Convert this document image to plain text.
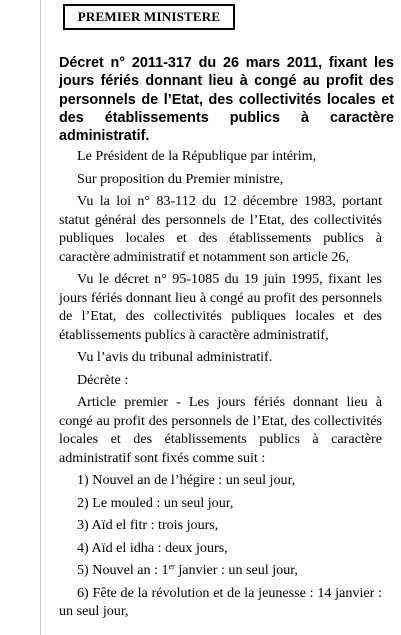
PREMIER MINISTERE

Décret n° 2011-317 du 26 mars 2011, fixant les jours fériés donnant lieu à congé au profit des personnels de l’Etat, des collectivités locales et des établissements publics à caractère administratif.

Le Président de la République par intérim,

Sur proposition du Premier ministre,

Vu la loi n° 83-112 du 12 décembre 1983, portant statut général des personnels de l’Etat, des collectivités publiques locales et des établissements publics à caractère administratif et notamment son article 26,

Vu le décret n° 95-1085 du 19 juin 1995, fixant les jours fériés donnant lieu à congé au profit des personnels de l’Etat, des collectivités publiques locales et des établissements publics à caractère administratif,

Vu l’avis du tribunal administratif.

Décrète :

Article premier - Les jours fériés donnant lieu à congé au profit des personnels de l’Etat, des collectivités locales et des établissements publics à caractère administratif sont fixés comme suit :

1) Nouvel an de l’hégire : un seul jour,

2) Le mouled : un seul jour,

3) Aïd el fitr : trois jours,

4) Aïd el idha : deux jours,

5) Nouvel an : 1er janvier : un seul jour,

6) Fête de la révolution et de la jeunesse : 14 janvier : un seul jour,
